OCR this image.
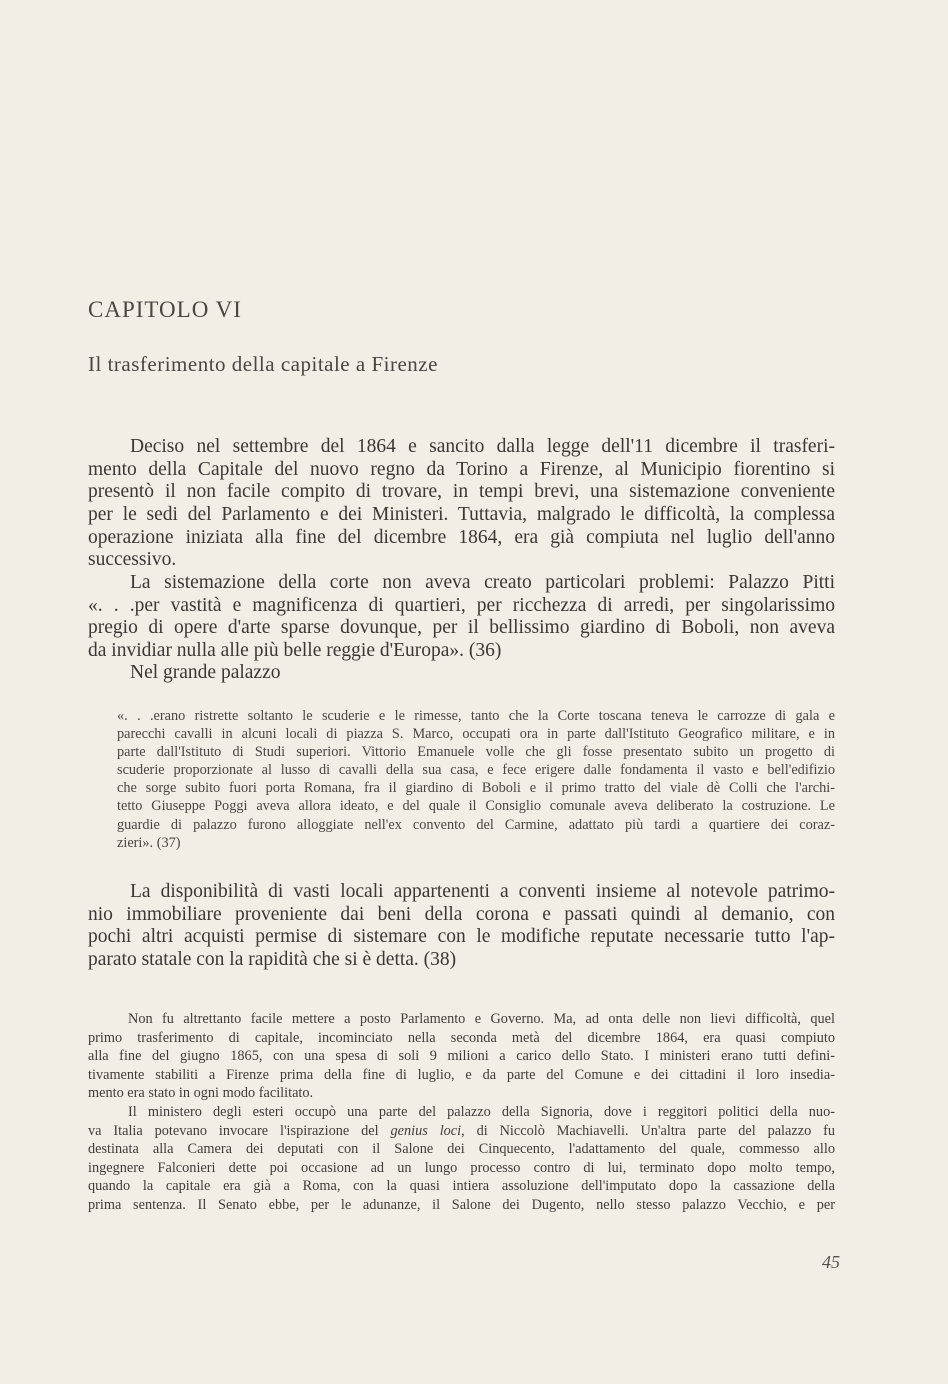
CAPITOLO VI
Il trasferimento della capitale a Firenze
Deciso nel settembre del 1864 e sancito dalla legge dell'11 dicembre il trasferi-
mento della Capitale del nuovo regno da Torino a Firenze, al Municipio fiorentino si
presentò il non facile compito di trovare, in tempi brevi, una sistemazione conveniente
per le sedi del Parlamento e dei Ministeri. Tuttavia, malgrado le difficoltà, la complessa
operazione iniziata alla fine del dicembre 1864, era già compiuta nel luglio dell'anno
successivo.
La sistemazione della corte non aveva creato particolari problemi: Palazzo Pitti
«. . .per vastità e magnificenza di quartieri, per ricchezza di arredi, per singolarissimo
pregio di opere d'arte sparse dovunque, per il bellissimo giardino di Boboli, non aveva
da invidiar nulla alle più belle reggie d'Europa». (36)
Nel grande palazzo
«. . .erano ristrette soltanto le scuderie e le rimesse, tanto che la Corte toscana teneva le carrozze di gala e
parecchi cavalli in alcuni locali di piazza S. Marco, occupati ora in parte dall'Istituto Geografico militare, e in
parte dall'Istituto di Studi superiori. Vittorio Emanuele volle che gli fosse presentato subito un progetto di
scuderie proporzionate al lusso di cavalli della sua casa, e fece erigere dalle fondamenta il vasto e bell'edifizio
che sorge subito fuori porta Romana, fra il giardino di Boboli e il primo tratto del viale dè Colli che l'archi-
tetto Giuseppe Poggi aveva allora ideato, e del quale il Consiglio comunale aveva deliberato la costruzione. Le
guardie di palazzo furono alloggiate nell'ex convento del Carmine, adattato più tardi a quartiere dei coraz-
zieri». (37)
La disponibilità di vasti locali appartenenti a conventi insieme al notevole patrimo-
nio immobiliare proveniente dai beni della corona e passati quindi al demanio, con
pochi altri acquisti permise di sistemare con le modifiche reputate necessarie tutto l'ap-
parato statale con la rapidità che si è detta. (38)
Non fu altrettanto facile mettere a posto Parlamento e Governo. Ma, ad onta delle non lievi difficoltà, quel
primo trasferimento di capitale, incominciato nella seconda metà del dicembre 1864, era quasi compiuto
alla fine del giugno 1865, con una spesa di soli 9 milioni a carico dello Stato. I ministeri erano tutti defini-
tivamente stabiliti a Firenze prima della fine di luglio, e da parte del Comune e dei cittadini il loro insedia-
mento era stato in ogni modo facilitato.
Il ministero degli esteri occupò una parte del palazzo della Signoria, dove i reggitori politici della nuo-
va Italia potevano invocare l'ispirazione del genius loci, di Niccolò Machiavelli. Un'altra parte del palazzo fu
destinata alla Camera dei deputati con il Salone dei Cinquecento, l'adattamento del quale, commesso allo
ingegnere Falconieri dette poi occasione ad un lungo processo contro di lui, terminato dopo molto tempo,
quando la capitale era già a Roma, con la quasi intiera assoluzione dell'imputato dopo la cassazione della
prima sentenza. Il Senato ebbe, per le adunanze, il Salone dei Dugento, nello stesso palazzo Vecchio, e per
45
